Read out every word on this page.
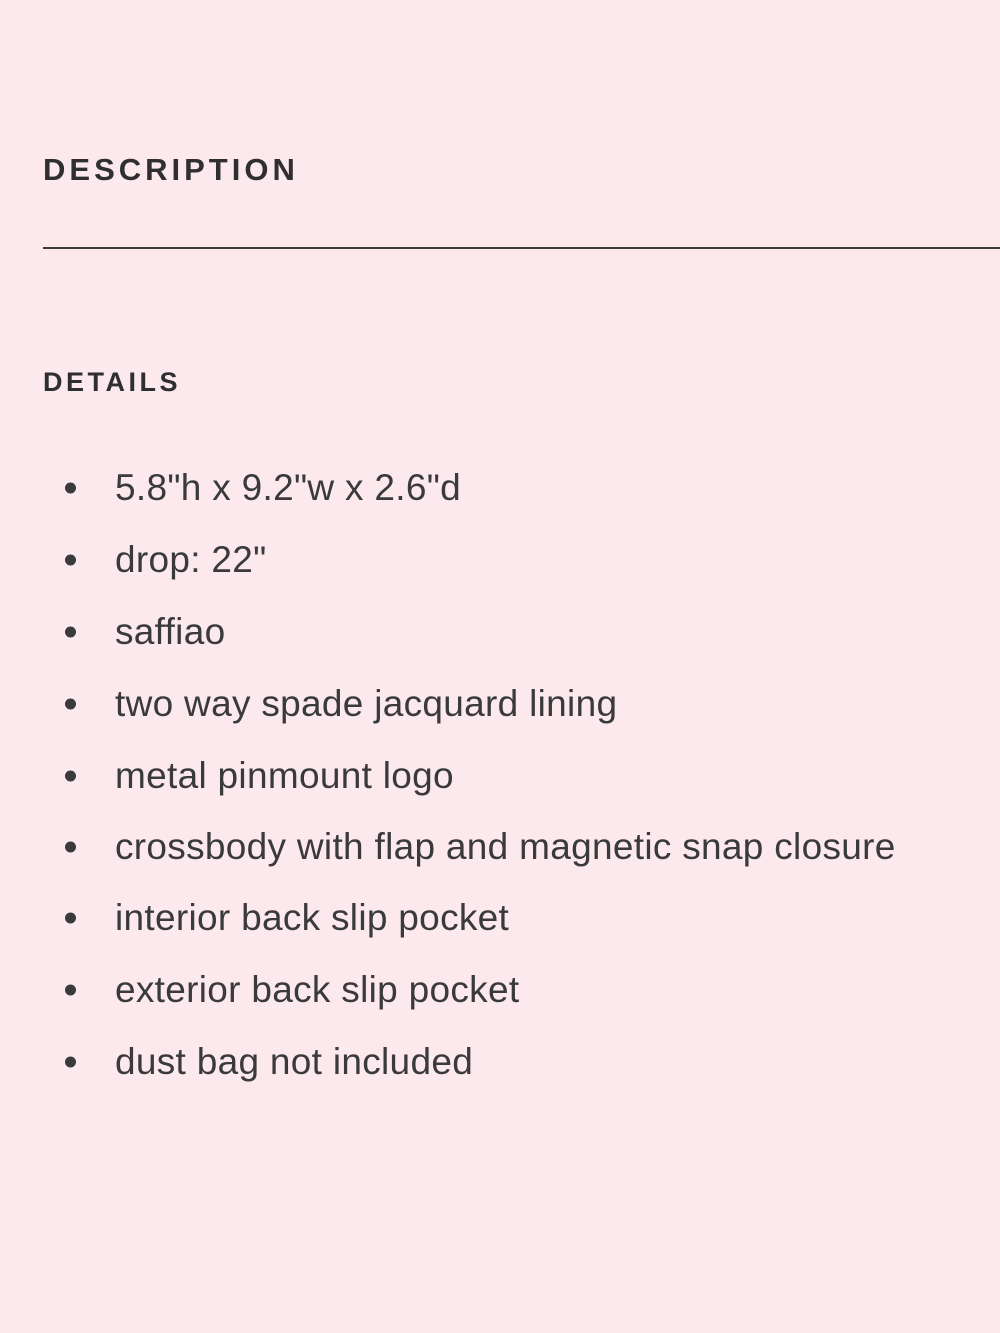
DESCRIPTION
DETAILS
5.8"h x 9.2"w x 2.6"d
drop: 22"
saffiao
two way spade jacquard lining
metal pinmount logo
crossbody with flap and magnetic snap closure
interior back slip pocket
exterior back slip pocket
dust bag not included
